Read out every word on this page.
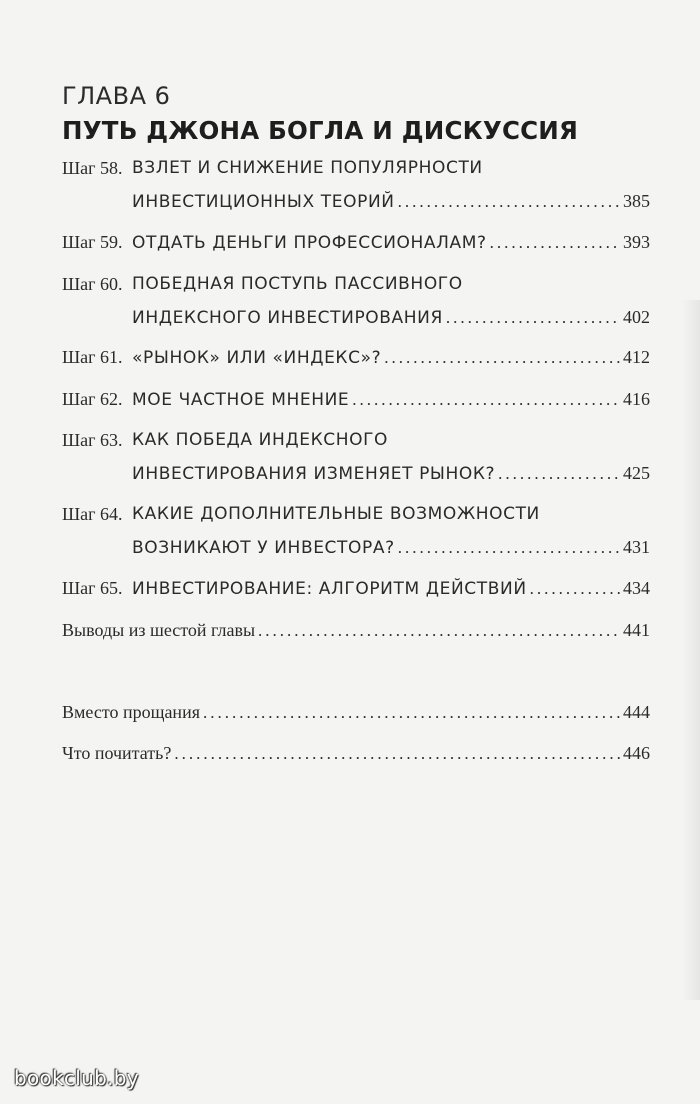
ГЛАВА 6
ПУТЬ ДЖОНА БОГЛА И ДИСКУССИЯ
Шаг 58. ВЗЛЕТ И СНИЖЕНИЕ ПОПУЛЯРНОСТИ
ИНВЕСТИЦИОННЫХ ТЕОРИЙ .....	385
Шаг 59. ОТДАТЬ ДЕНЬГИ ПРОФЕССИОНАЛАМ? .....	393
Шаг 60. ПОБЕДНАЯ ПОСТУПЬ ПАССИВНОГО
ИНДЕКСНОГО ИНВЕСТИРОВАНИЯ .....	402
Шаг 61. «РЫНОК» ИЛИ «ИНДЕКС»? .....	412
Шаг 62. МОЕ ЧАСТНОЕ МНЕНИЕ .....	416
Шаг 63. КАК ПОБЕДА ИНДЕКСНОГО
ИНВЕСТИРОВАНИЯ ИЗМЕНЯЕТ РЫНОК? .....	425
Шаг 64. КАКИЕ ДОПОЛНИТЕЛЬНЫЕ ВОЗМОЖНОСТИ
ВОЗНИКАЮТ У ИНВЕСТОРА? .....	431
Шаг 65. ИНВЕСТИРОВАНИЕ: АЛГОРИТМ ДЕЙСТВИЙ .....	434
Выводы из шестой главы .....	441
Вместо прощания .....	444
Что почитать? .....	446
bookclub.by
